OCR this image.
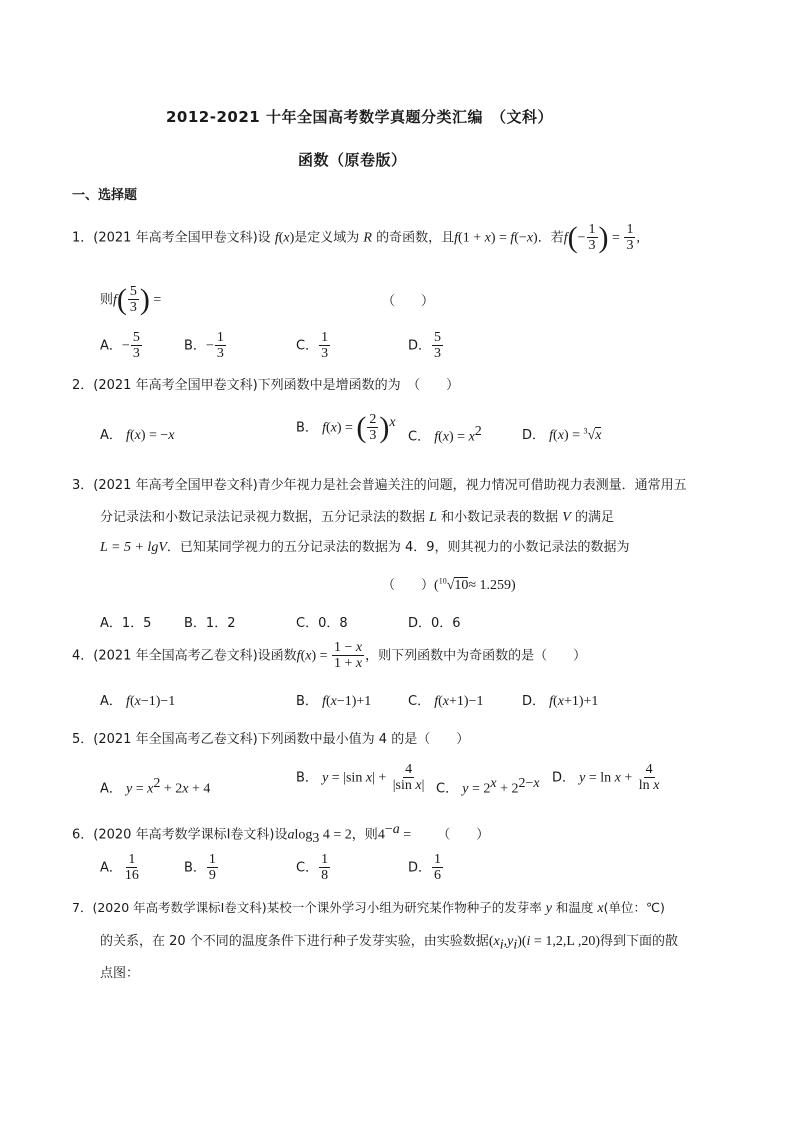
2012-2021 十年全国高考数学真题分类汇编　（文科）
函数（原卷版）
一、选择题
1．(2021 年高考全国甲卷文科)设 f(x)是定义域为 R 的奇函数，且f(1 + x) = f(−x)．若$f(- \frac{1}{3}$ ) = $\frac{1}{3}$ ,
则$f( \frac{5}{3}$ ) =	（　　）
A．− $\frac{5}{3}$	B．− $\frac{1}{3}$	C． $\frac{1}{3}$	D． $\frac{5}{3}$
2．(2021 年高考全国甲卷文科)下列函数中是增函数的为　（　　）
A． f(x) = −x
B． f(x) = ( $\frac{2}{3} )^x$
C． $f(x) = x^2$	D． f(x) = $^3$√x
3．(2021 年高考全国甲卷文科)青少年视力是社会普遍关注的问题，视力情况可借助视力表测量．通常用五
分记录法和小数记录法记录视力数据，五分记录法的数据 L 和小数记录表的数据 V 的满足
L = 5 + lgV．已知某同学视力的五分记录法的数据为 4．9，则其视力的小数记录法的数据为
（　　）($^{10}$√10≈ 1.259)
A．1．5	B．1．2	C．0．8	D．0．6
4．(2021 年全国高考乙卷文科)设函数$f(x) = \frac{1 - x}{1 + x}$ ，则下列函数中为奇函数的是（　　）
A． f(x−1)−1	B． f(x−1)+1	C． f(x+1)−1	D． f(x+1)+1
5．(2021 年全国高考乙卷文科)下列函数中最小值为 4 的是（　　）
A． $y = x^2 + 2x + 4$
B． y = |sin $x| + \frac{4}{\text{|sin x|}}$ C． $y = 2^x + 2^{2-x}$ D． $y = \ln x + \frac{4}{\text{ln x}}$
6．(2020 年高考数学课标Ⅰ卷文科)设alog$_3$ 4 = 2，则$4^{-a}$ = （　　）
A． $\frac{1}{16}$	B． $\frac{1}{9}$	C． $\frac{1}{8}$	D． $\frac{1}{6}$
7．(2020 年高考数学课标Ⅰ卷文科)某校一个课外学习小组为研究某作物种子的发芽率 y 和温度 x(单位：℃)
的关系，在 20 个不同的温度条件下进行种子发芽实验，由实验数据$(x_i,y_i)(i = 1,2,L$ ,20)得到下面的散
点图：
